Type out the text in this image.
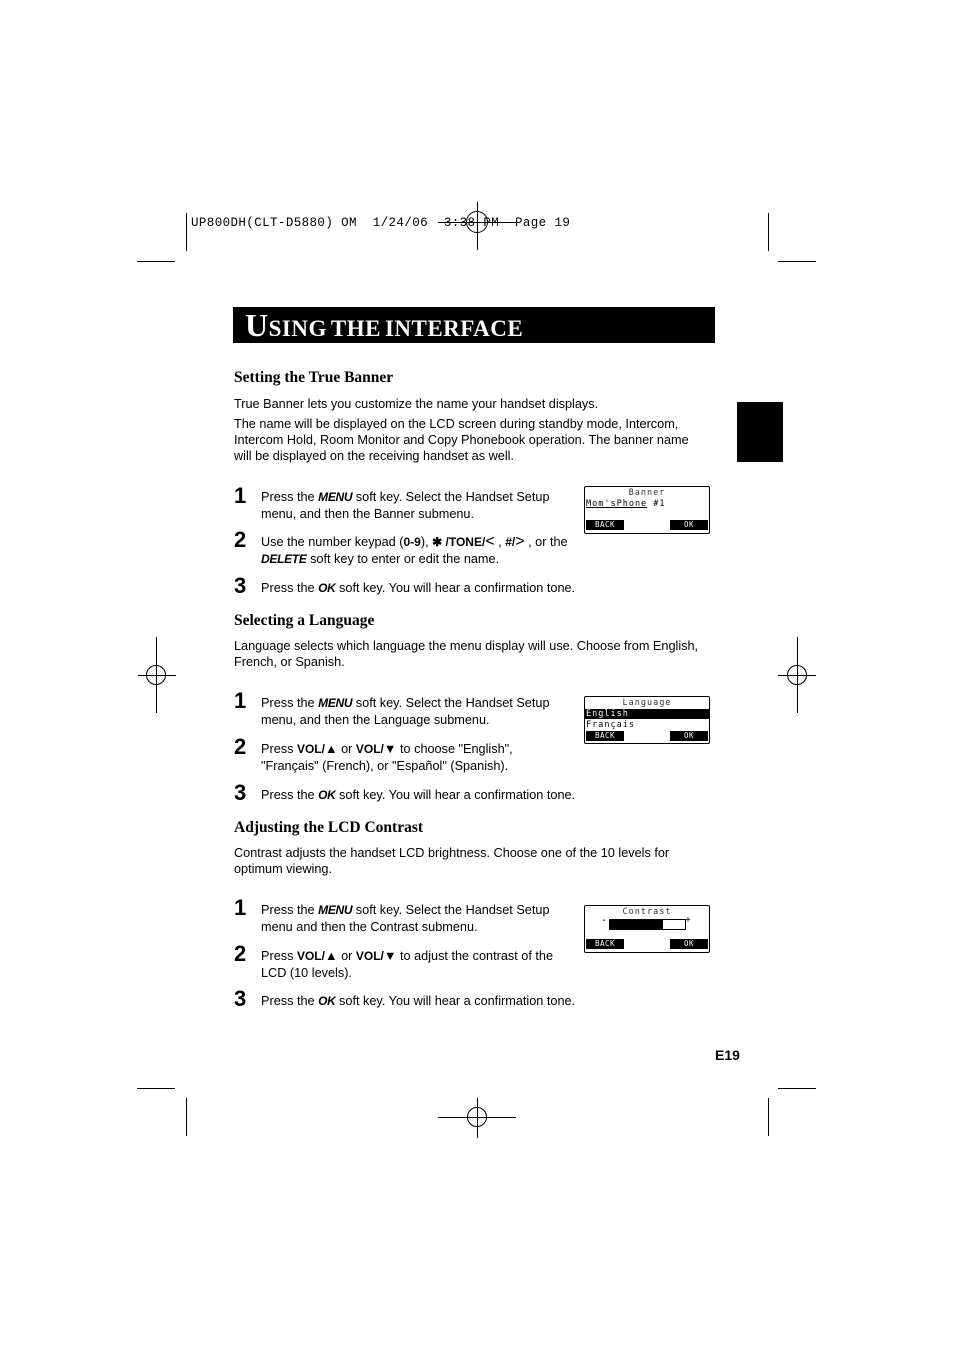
UP800DH(CLT-D5880) OM  1/24/06  3:38 PM  Page 19
USING THE INTERFACE
Setting the True Banner

True Banner lets you customize the name your handset displays.

The name will be displayed on the LCD screen during standby mode, Intercom, Intercom Hold, Room Monitor and Copy Phonebook operation. The banner name will be displayed on the receiving handset as well.

1 Press the MENU soft key. Select the Handset Setup menu, and then the Banner submenu.
2 Use the number keypad (0-9), ✱ /TONE/< , #/> , or the DELETE soft key to enter or edit the name.
3 Press the OK soft key. You will hear a confirmation tone.
Banner
Mom'sPhone #1
BACK	OK
Selecting a Language

Language selects which language the menu display will use. Choose from English, French, or Spanish.

1 Press the MENU soft key. Select the Handset Setup menu, and then the Language submenu.
2 Press VOL/▲ or VOL/▼ to choose "English", "Français" (French), or "Español" (Spanish).
3 Press the OK soft key. You will hear a confirmation tone.
Language
English
Français
BACK	OK
Adjusting the LCD Contrast

Contrast adjusts the handset LCD brightness. Choose one of the 10 levels for optimum viewing.

1 Press the MENU soft key. Select the Handset Setup menu and then the Contrast submenu.
2 Press VOL/▲ or VOL/▼ to adjust the contrast of the LCD (10 levels).
3 Press the OK soft key. You will hear a confirmation tone.
Contrast
-	+
BACK	OK
E19
